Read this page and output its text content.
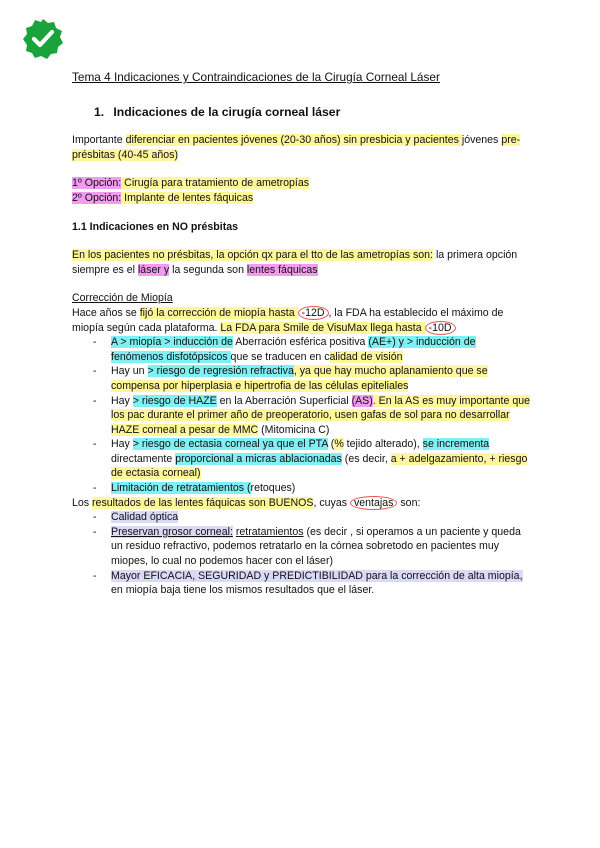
Tema 4 Indicaciones y Contraindicaciones de la Cirugía Corneal Láser
1. Indicaciones de la cirugía corneal láser

Importante diferenciar en pacientes jóvenes (20-30 años) sin presbicia y pacientes jóvenes pre-présbitas (40-45 años)

1º Opción: Cirugía para tratamiento de ametropías

2º Opción: Implante de lentes fáquicas

1.1 Indicaciones en NO présbitas

En los pacientes no présbitas, la opción qx para el tto de las ametropías son: la primera opción siempre es el láser y la segunda son lentes fáquicas

Corrección de Miopía

Hace años se fijó la corrección de miopía hasta -12D , la FDA ha establecido el máximo de miopía según cada plataforma. La FDA para Smile de VisuMax llega hasta -10D

- A > miopía > inducción de Aberración esférica positiva (AE+) y > inducción de fenómenos disfotópsicos que se traducen en calidad de visión
- Hay un > riesgo de regresión refractiva, ya que hay mucho aplanamiento que se compensa por hiperplasia e hipertrofia de las células epiteliales
- Hay > riesgo de HAZE en la Aberración Superficial (AS). En la AS es muy importante que los pac durante el primer año de preoperatorio, usen gafas de sol para no desarrollar HAZE corneal a pesar de MMC (Mitomicina C)
- Hay > riesgo de ectasia corneal ya que el PTA (% tejido alterado), se incrementa directamente proporcional a micras ablacionadas (es decir, a + adelgazamiento, + riesgo de ectasia corneal)
- Limitación de retratamientos (retoques)

Los resultados de las lentes fáquicas son BUENOS, cuyas ventajas son:

- Calidad óptica
- Preservan grosor corneal: retratamientos (es decir , si operamos a un paciente y queda un residuo refractivo, podemos retratarlo en la córnea sobretodo en pacientes muy miopes, lo cual no podemos hacer con el láser)
- Mayor EFICACIA, SEGURIDAD y PREDICTIBILIDAD para la corrección de alta miopía, en miopía baja tiene los mismos resultados que el láser.
